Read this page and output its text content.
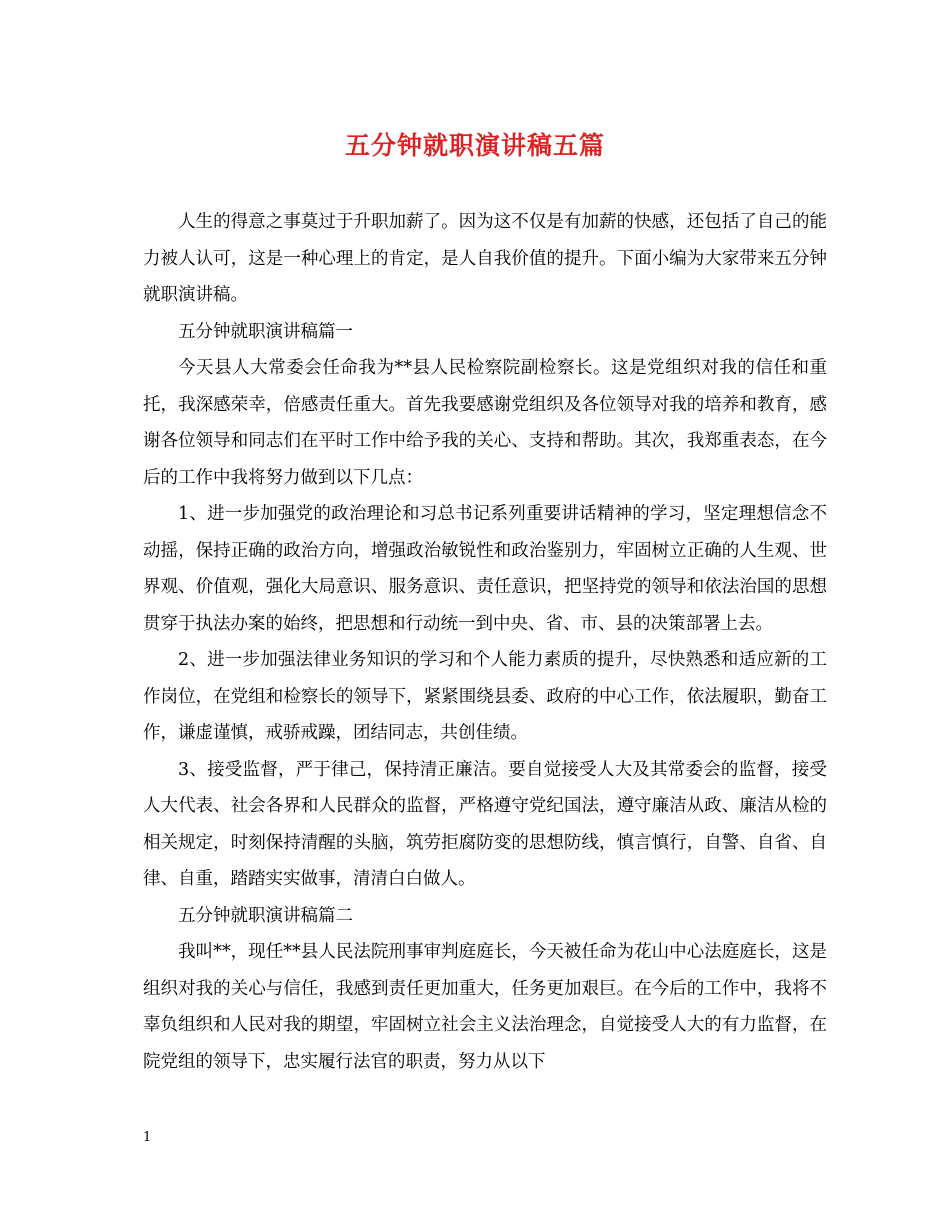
五分钟就职演讲稿五篇

人生的得意之事莫过于升职加薪了。因为这不仅是有加薪的快感，还包括了自己的能力被人认可，这是一种心理上的肯定，是人自我价值的提升。下面小编为大家带来五分钟就职演讲稿。

五分钟就职演讲稿篇一

今天县人大常委会任命我为**县人民检察院副检察长。这是党组织对我的信任和重托，我深感荣幸，倍感责任重大。首先我要感谢党组织及各位领导对我的培养和教育，感谢各位领导和同志们在平时工作中给予我的关心、支持和帮助。其次，我郑重表态，在今后的工作中我将努力做到以下几点：

1、进一步加强党的政治理论和习总书记系列重要讲话精神的学习，坚定理想信念不动摇，保持正确的政治方向，增强政治敏锐性和政治鉴别力，牢固树立正确的人生观、世界观、价值观，强化大局意识、服务意识、责任意识，把坚持党的领导和依法治国的思想贯穿于执法办案的始终，把思想和行动统一到中央、省、市、县的决策部署上去。

2、进一步加强法律业务知识的学习和个人能力素质的提升，尽快熟悉和适应新的工作岗位，在党组和检察长的领导下，紧紧围绕县委、政府的中心工作，依法履职，勤奋工作，谦虚谨慎，戒骄戒躁，团结同志，共创佳绩。

3、接受监督，严于律己，保持清正廉洁。要自觉接受人大及其常委会的监督，接受人大代表、社会各界和人民群众的监督，严格遵守党纪国法，遵守廉洁从政、廉洁从检的相关规定，时刻保持清醒的头脑，筑劳拒腐防变的思想防线，慎言慎行，自警、自省、自律、自重，踏踏实实做事，清清白白做人。

五分钟就职演讲稿篇二

我叫**，现任**县人民法院刑事审判庭庭长，今天被任命为花山中心法庭庭长，这是组织对我的关心与信任，我感到责任更加重大，任务更加艰巨。在今后的工作中，我将不辜负组织和人民对我的期望，牢固树立社会主义法治理念，自觉接受人大的有力监督，在院党组的领导下，忠实履行法官的职责，努力从以下

1
